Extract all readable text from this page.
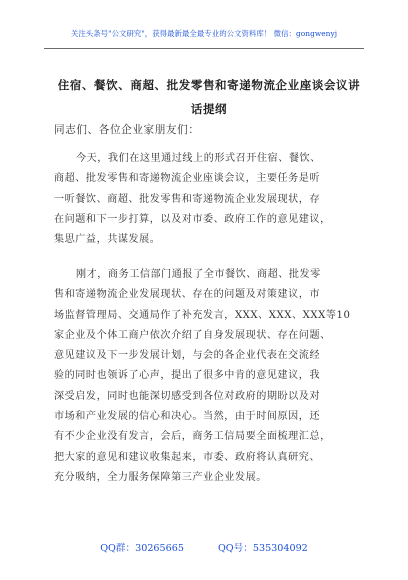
关注头条号"公文研究"，获得最新最全最专业的公文资料库！ 微信：gongwenyj
住宿、餐饮、商超、批发零售和寄递物流企业座谈会议讲
话提纲
同志们、各位企业家朋友们：
今天，我们在这里通过线上的形式召开住宿、餐饮、
商超、批发零售和寄递物流企业座谈会议，主要任务是听
一听餐饮、商超、批发零售和寄递物流企业发展现状，存
在问题和下一步打算，以及对市委、政府工作的意见建议，
集思广益，共谋发展。
刚才，商务工信部门通报了全市餐饮、商超、批发零
售和寄递物流企业发展现状、存在的问题及对策建议，市
场监督管理局、交通局作了补充发言，XXX、XXX、XXX等10
家企业及个体工商户依次介绍了自身发展现状、存在问题、
意见建议及下一步发展计划，与会的各企业代表在交流经
验的同时也领诉了心声，提出了很多中肯的意见建议，我
深受启发，同时也能深切感受到各位对政府的期盼以及对
市场和产业发展的信心和决心。当然，由于时间原因，还
有不少企业没有发言，会后，商务工信局要全面梳理汇总，
把大家的意见和建议收集起来，市委、政府将认真研究、
充分吸纳，全力服务保障第三产业企业发展。
QQ群：30265665	QQ号：535304092
